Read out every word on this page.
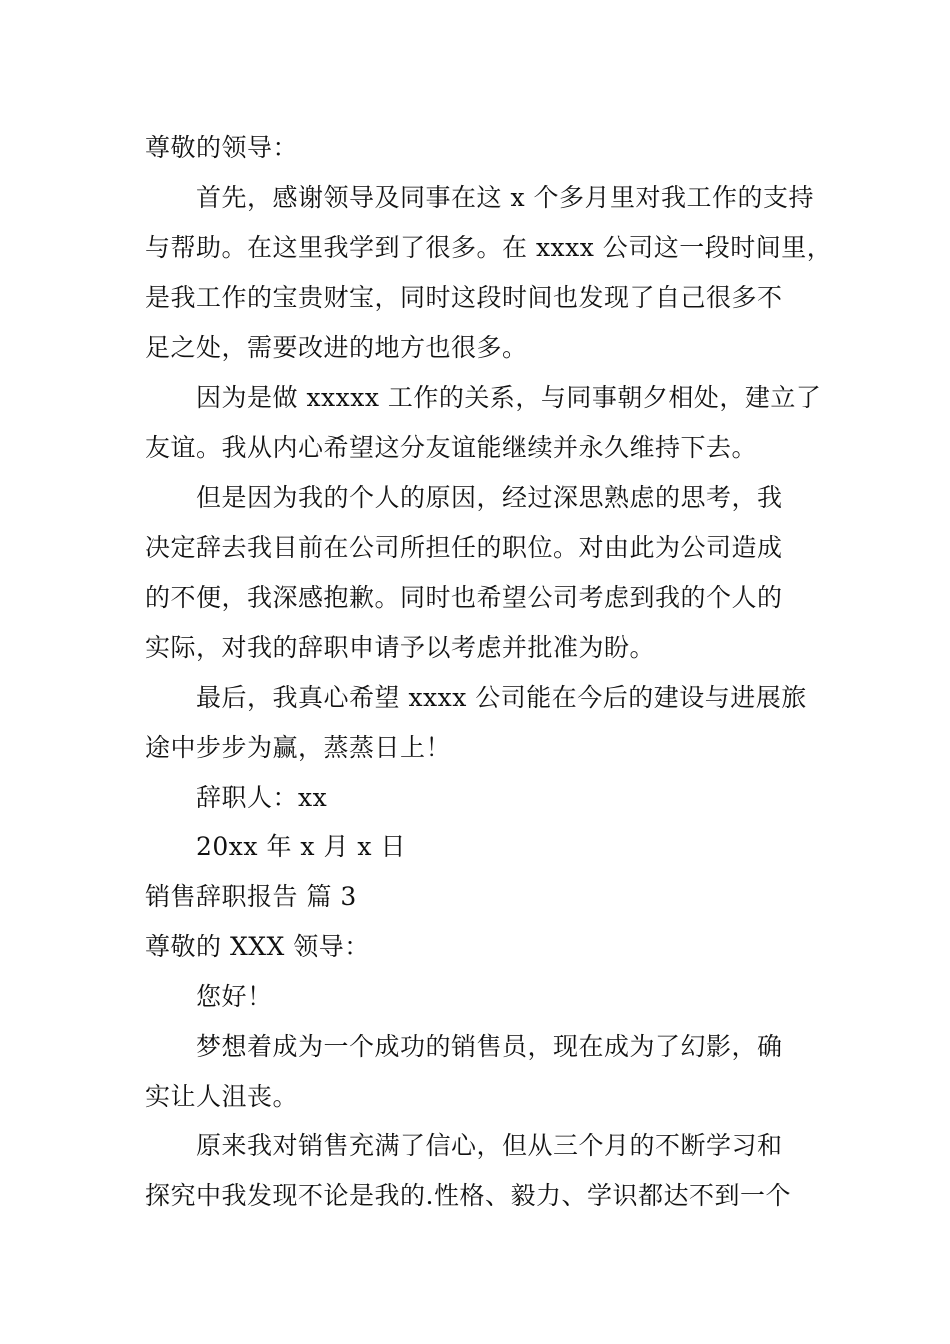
尊敬的领导：
首先，感谢领导及同事在这 x 个多月里对我工作的支持
与帮助。在这里我学到了很多。在 xxxx 公司这一段时间里，
是我工作的宝贵财宝，同时这段时间也发现了自己很多不
足之处，需要改进的地方也很多。
因为是做 xxxxx 工作的关系，与同事朝夕相处，建立了
友谊。我从内心希望这分友谊能继续并永久维持下去。
但是因为我的个人的原因，经过深思熟虑的思考，我
决定辞去我目前在公司所担任的职位。对由此为公司造成
的不便，我深感抱歉。同时也希望公司考虑到我的个人的
实际，对我的辞职申请予以考虑并批准为盼。
最后，我真心希望 xxxx 公司能在今后的建设与进展旅
途中步步为赢，蒸蒸日上！
辞职人：xx
20xx 年 x 月 x 日
销售辞职报告 篇 3
尊敬的 XXX 领导：
您好！
梦想着成为一个成功的销售员，现在成为了幻影，确
实让人沮丧。
原来我对销售充满了信心，但从三个月的不断学习和
探究中我发现不论是我的.性格、毅力、学识都达不到一个
